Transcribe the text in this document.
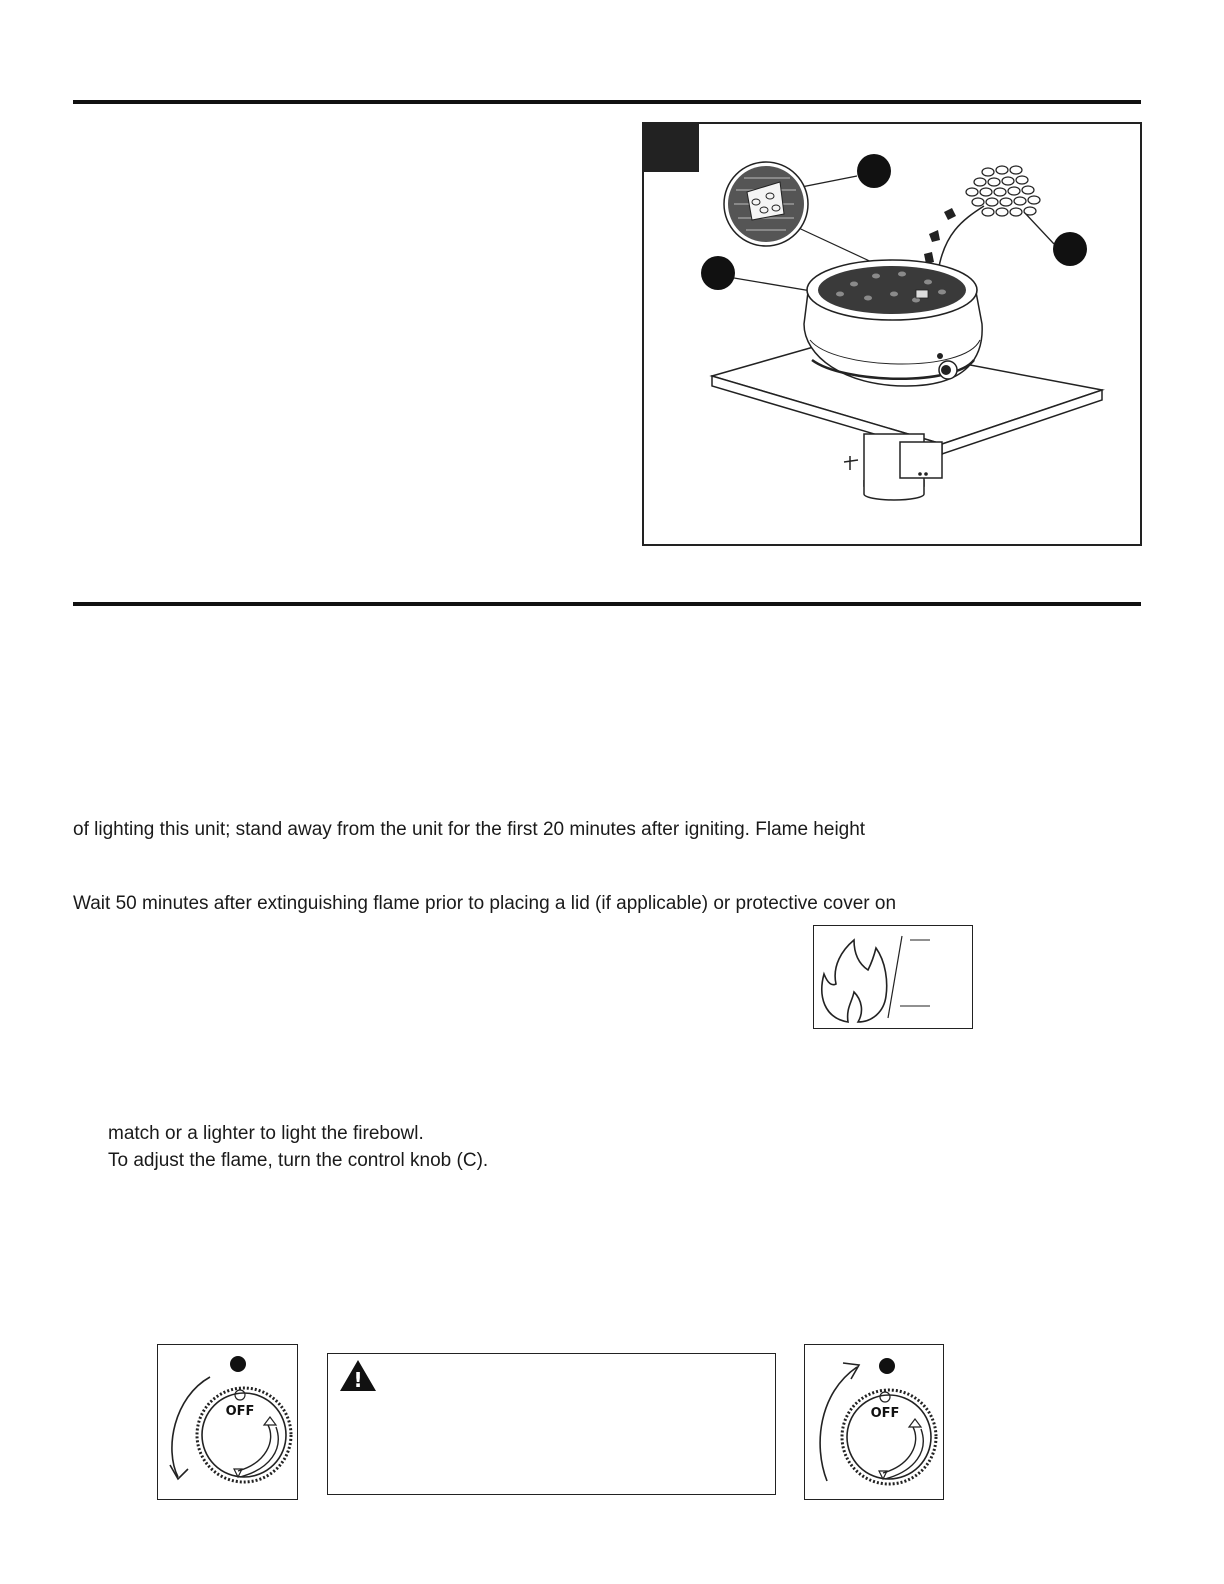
of lighting this unit; stand away from the unit for the first 20 minutes after igniting. Flame height
Wait 50 minutes after extinguishing flame prior to placing a lid (if applicable) or protective cover on
match or a lighter to light the firebowl.
To adjust the flame, turn the control knob (C).
OFF
!
OFF
